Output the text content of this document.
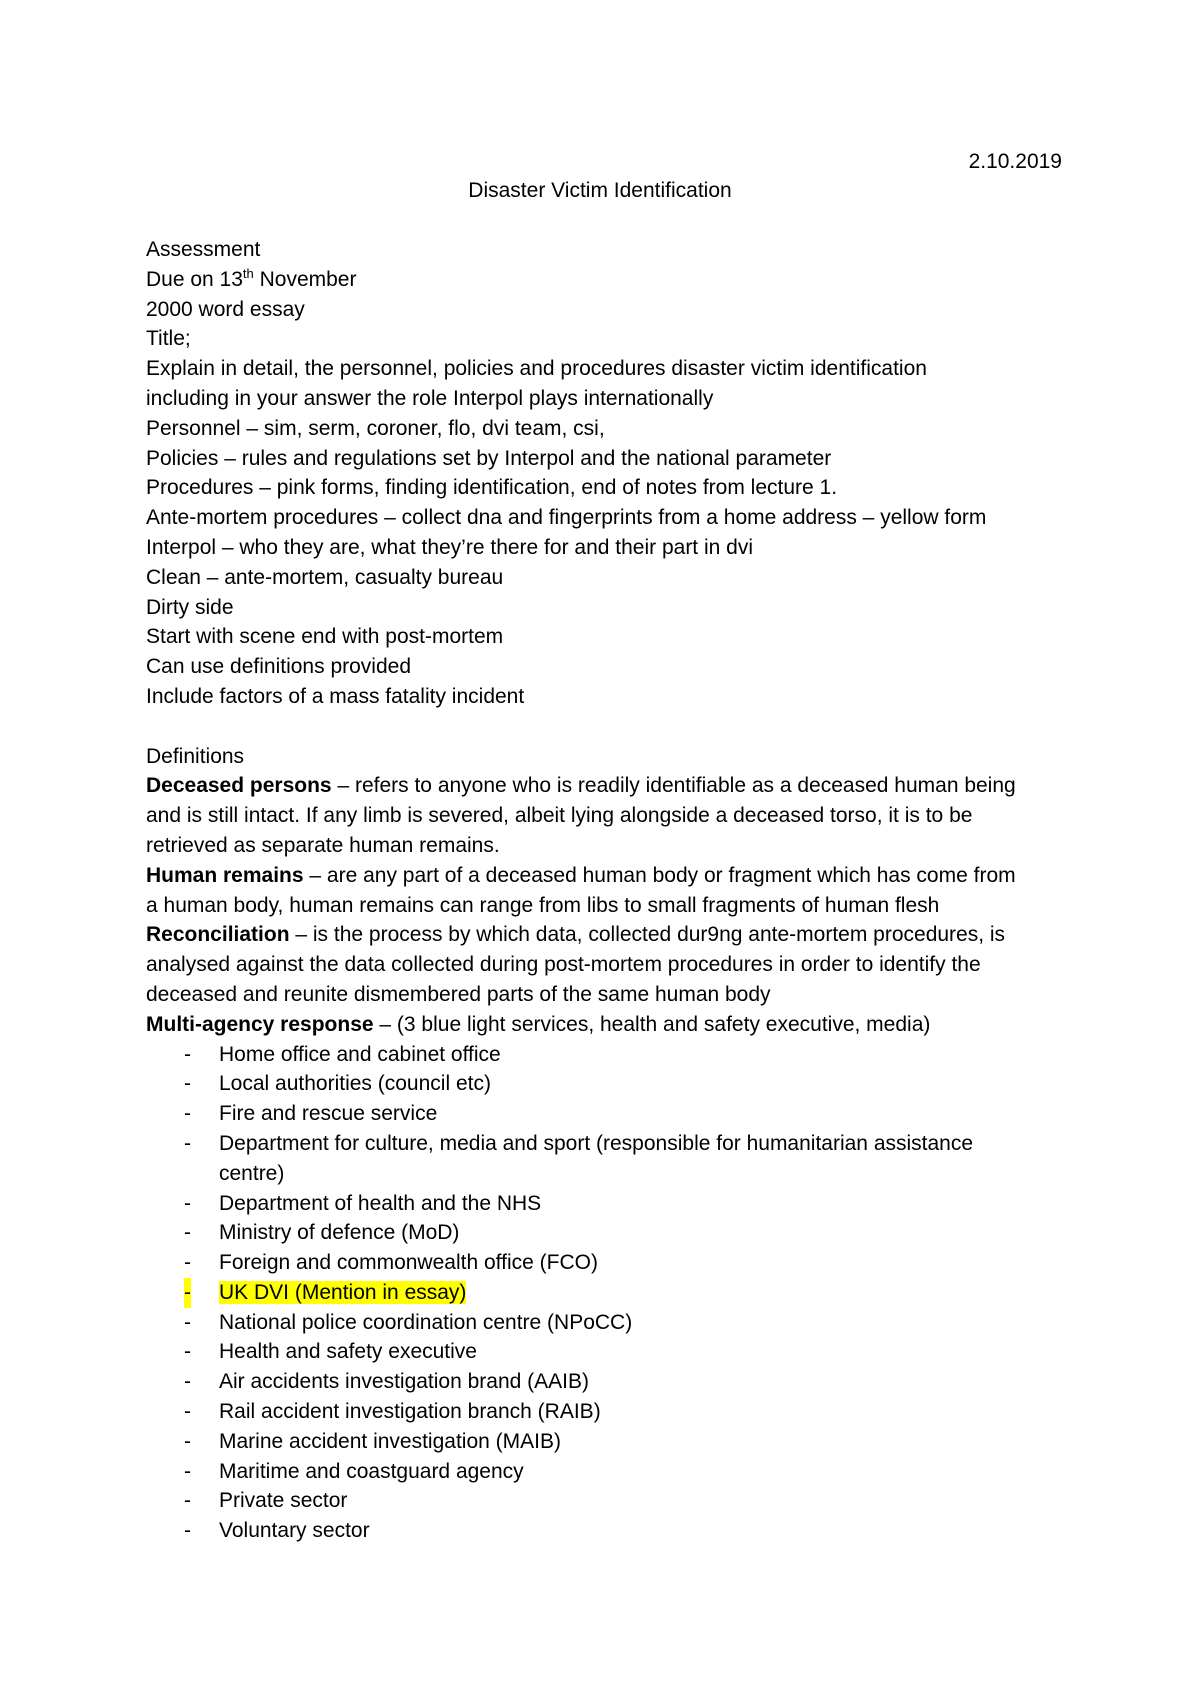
2.10.2019
Disaster Victim Identification
Assessment
Due on 13th November
2000 word essay
Title;
Explain in detail, the personnel, policies and procedures disaster victim identification
including in your answer the role Interpol plays internationally
Personnel – sim, serm, coroner, flo, dvi team, csi,
Policies – rules and regulations set by Interpol and the national parameter
Procedures – pink forms, finding identification, end of notes from lecture 1.
Ante-mortem procedures – collect dna and fingerprints from a home address – yellow form
Interpol – who they are, what they’re there for and their part in dvi
Clean – ante-mortem, casualty bureau
Dirty side
Start with scene end with post-mortem
Can use definitions provided
Include factors of a mass fatality incident
Definitions
Deceased persons – refers to anyone who is readily identifiable as a deceased human being
and is still intact. If any limb is severed, albeit lying alongside a deceased torso, it is to be
retrieved as separate human remains.
Human remains – are any part of a deceased human body or fragment which has come from
a human body, human remains can range from libs to small fragments of human flesh
Reconciliation – is the process by which data, collected dur9ng ante-mortem procedures, is
analysed against the data collected during post-mortem procedures in order to identify the
deceased and reunite dismembered parts of the same human body
Multi-agency response – (3 blue light services, health and safety executive, media)
- Home office and cabinet office
- Local authorities (council etc)
- Fire and rescue service
- Department for culture, media and sport (responsible for humanitarian assistance centre)
- Department of health and the NHS
- Ministry of defence (MoD)
- Foreign and commonwealth office (FCO)
- UK DVI (Mention in essay)
- National police coordination centre (NPoCC)
- Health and safety executive
- Air accidents investigation brand (AAIB)
- Rail accident investigation branch (RAIB)
- Marine accident investigation (MAIB)
- Maritime and coastguard agency
- Private sector
- Voluntary sector
